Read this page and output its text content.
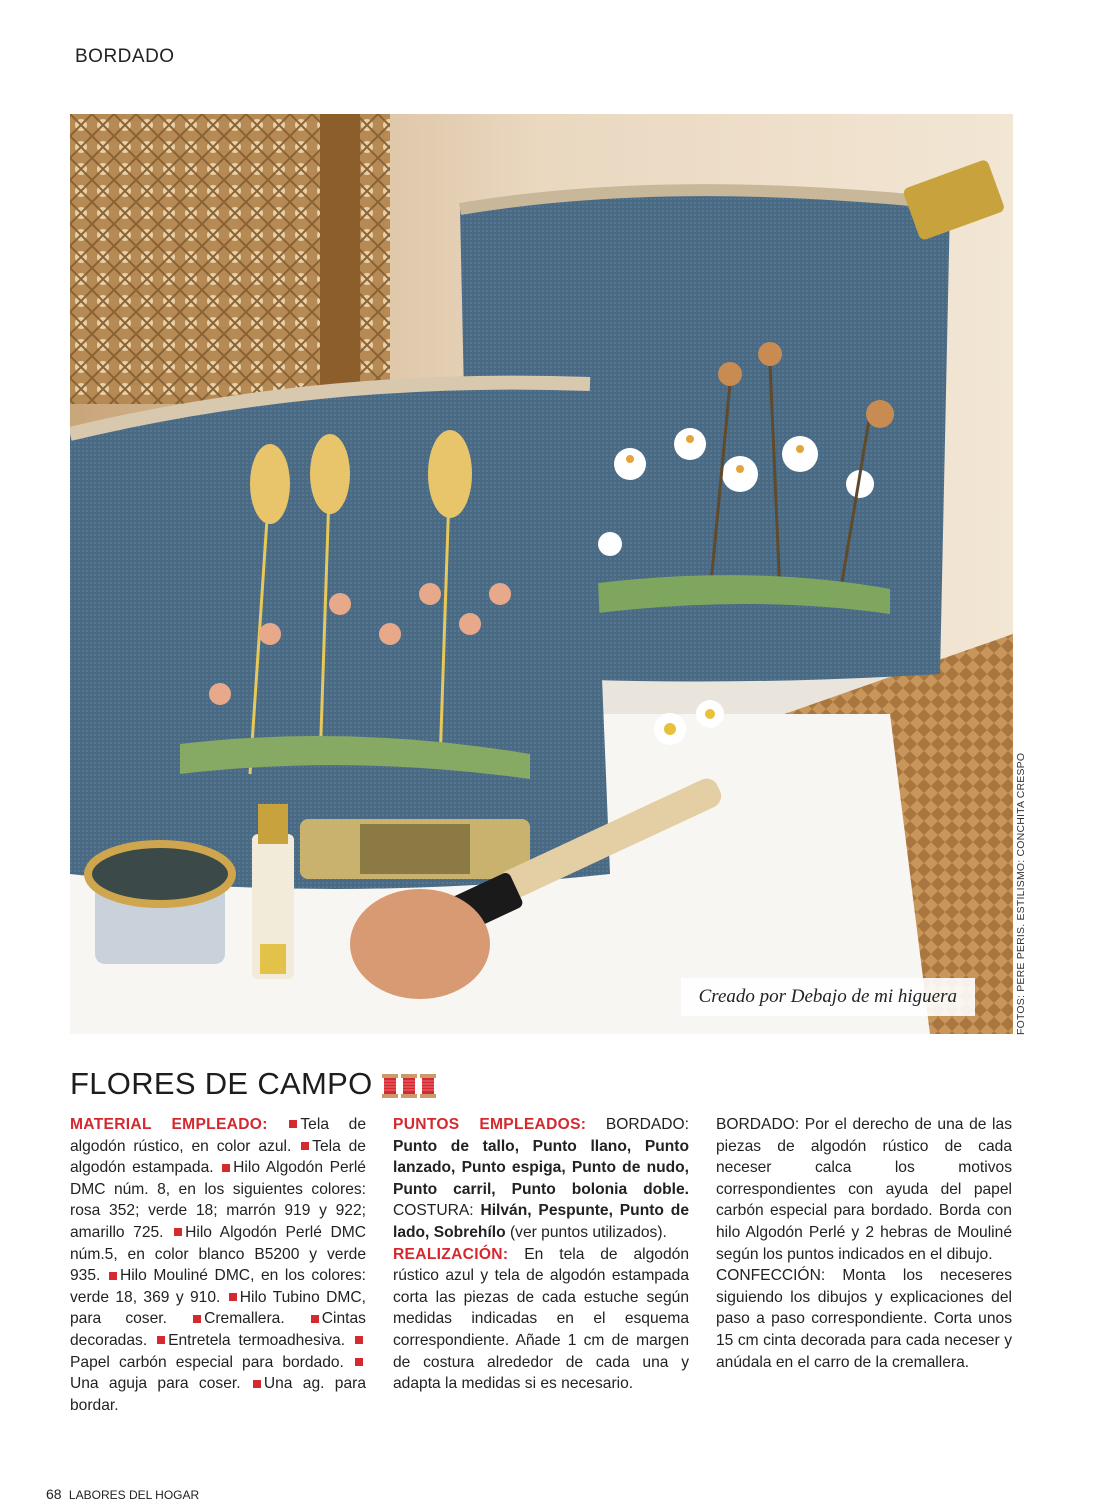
BORDADO
Creado por Debajo de mi higuera	FOTOS: PERE PERIS. ESTILISMO: CONCHITA CRESPO
FLORES DE CAMPO

MATERIAL EMPLEADO: Tela de algodón rústico, en color azul. Tela de algodón estampada. Hilo Algodón Perlé DMC núm. 8, en los siguientes colores: rosa 352; verde 18; marrón 919 y 922; amarillo 725. Hilo Algodón Perlé DMC núm.5, en color blanco B5200 y verde 935. Hilo Mouliné DMC, en los colores: verde 18, 369 y 910. Hilo Tubino DMC, para coser. Cremallera. Cintas decoradas. Entretela termoadhesiva. Papel carbón especial para bordado. Una aguja para coser. Una ag. para bordar.

PUNTOS EMPLEADOS: BORDADO: Punto de tallo, Punto llano, Punto lanzado, Punto espiga, Punto de nudo, Punto carril, Punto bolonia doble. COSTURA: Hilván, Pespunte, Punto de lado, Sobrehílo (ver puntos utilizados).

REALIZACIÓN: En tela de algodón rústico azul y tela de algodón estampada corta las piezas de cada estuche según medidas indicadas en el esquema correspondiente. Añade 1 cm de margen de costura alrededor de cada una y adapta la medidas si es necesario.

BORDADO: Por el derecho de una de las piezas de algodón rústico de cada neceser calca los motivos correspondientes con ayuda del papel carbón especial para bordado. Borda con hilo Algodón Perlé y 2 hebras de Mouliné según los puntos indicados en el dibujo.

CONFECCIÓN: Monta los neceseres siguiendo los dibujos y explicaciones del paso a paso correspondiente. Corta unos 15 cm cinta decorada para cada neceser y anúdala en el carro de la cremallera.

68 LABORES DEL HOGAR
